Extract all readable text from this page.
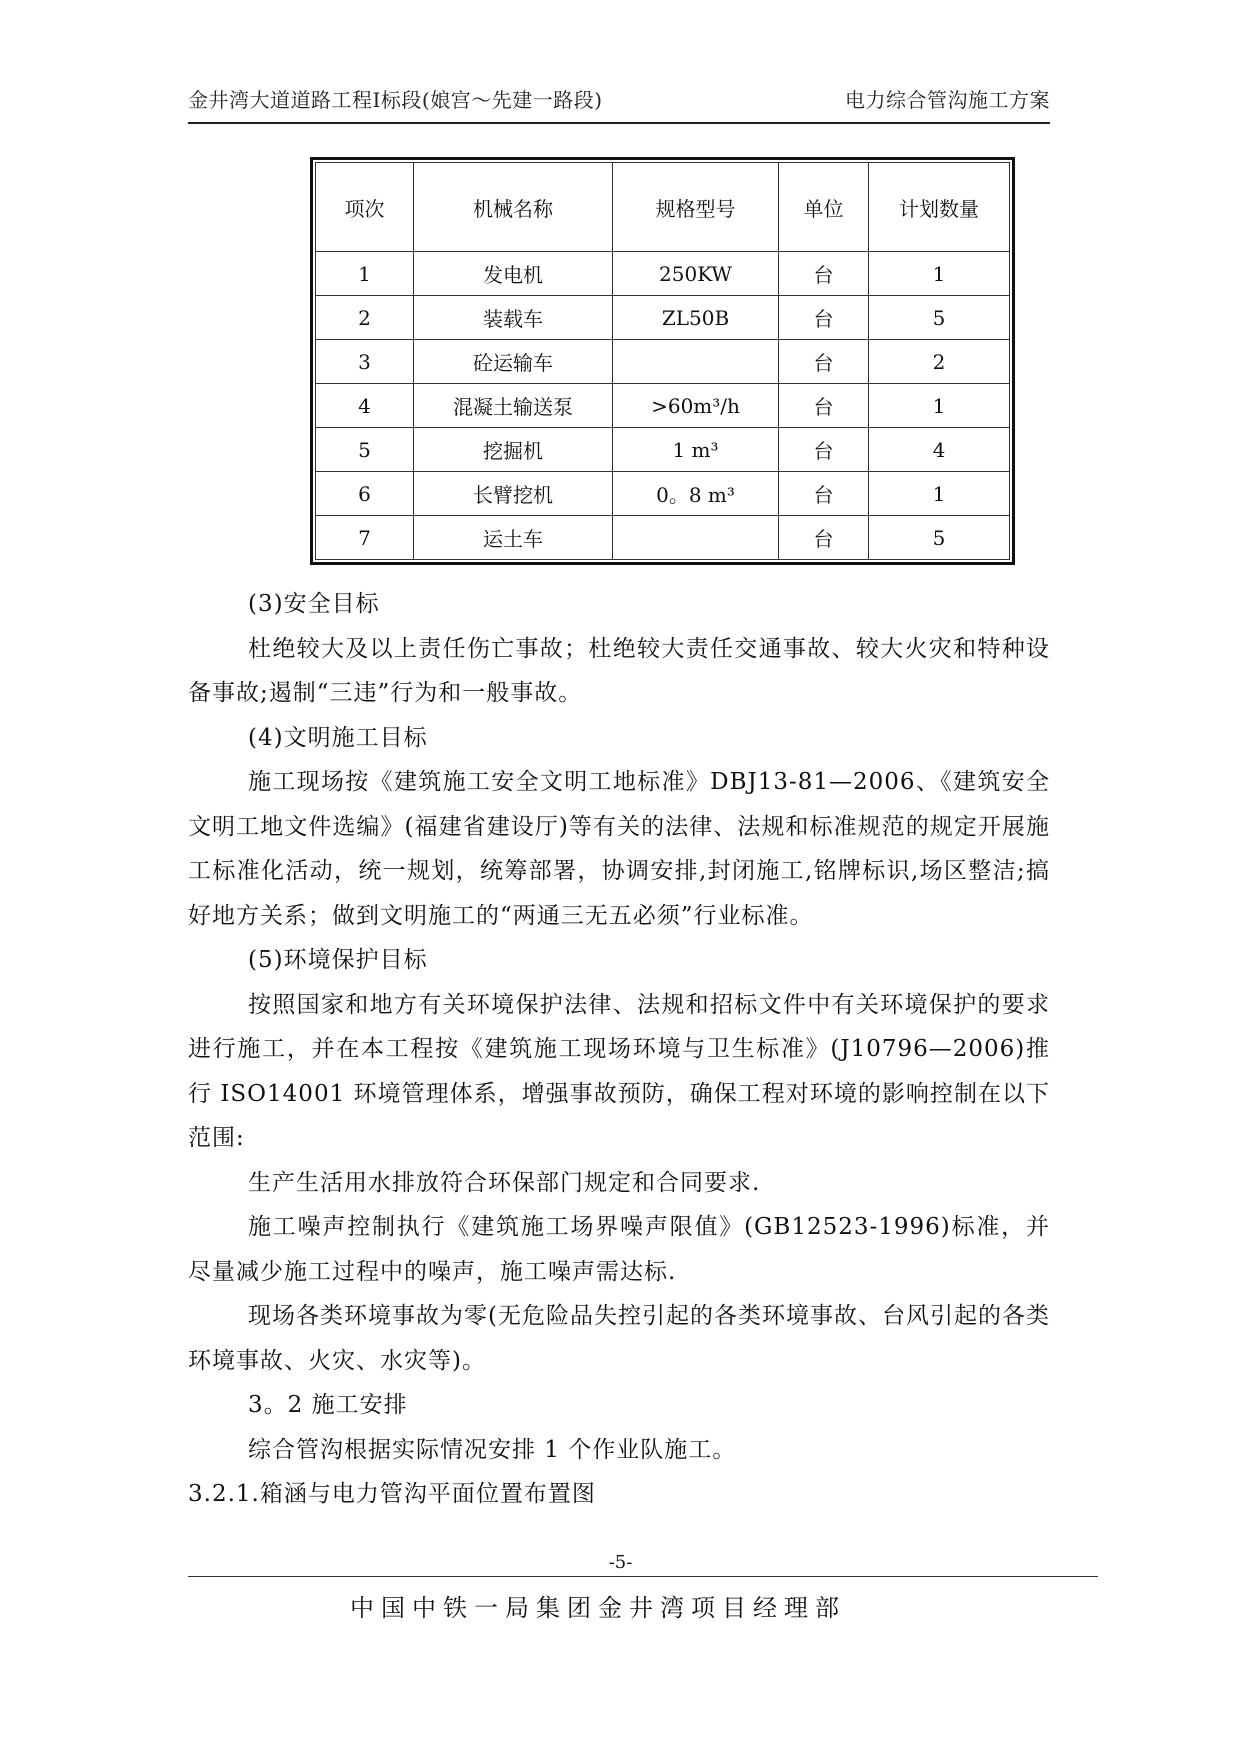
金井湾大道道路工程Ⅰ标段(娘宫～先建一路段)	电力综合管沟施工方案
项次	机械名称	规格型号	单位	计划数量
1	发电机	250KW	台	1
2	装载车	ZL50B	台	5
3	砼运输车		台	2
4	混凝土输送泵	>60m³/h	台	1
5	挖掘机	1 m³	台	4
6	长臂挖机	0。8 m³	台	1
7	运土车		台	5

(3)安全目标

杜绝较大及以上责任伤亡事故；杜绝较大责任交通事故、较大火灾和特种设备事故;遏制“三违”行为和一般事故。

(4)文明施工目标

施工现场按《建筑施工安全文明工地标准》DBJ13-81—2006、《建筑安全文明工地文件选编》(福建省建设厅)等有关的法律、法规和标准规范的规定开展施工标准化活动，统一规划，统筹部署，协调安排,封闭施工,铭牌标识,场区整洁;搞好地方关系；做到文明施工的“两通三无五必须”行业标准。

(5)环境保护目标

按照国家和地方有关环境保护法律、法规和招标文件中有关环境保护的要求进行施工，并在本工程按《建筑施工现场环境与卫生标准》(J10796—2006)推行 ISO14001 环境管理体系，增强事故预防，确保工程对环境的影响控制在以下范围:

生产生活用水排放符合环保部门规定和合同要求.

施工噪声控制执行《建筑施工场界噪声限值》(GB12523-1996)标准，并尽量减少施工过程中的噪声，施工噪声需达标.

现场各类环境事故为零(无危险品失控引起的各类环境事故、台风引起的各类环境事故、火灾、水灾等)。

3。2 施工安排

综合管沟根据实际情况安排 1 个作业队施工。

3.2.1.箱涵与电力管沟平面位置布置图

-5-
中国中铁一局集团金井湾项目经理部
